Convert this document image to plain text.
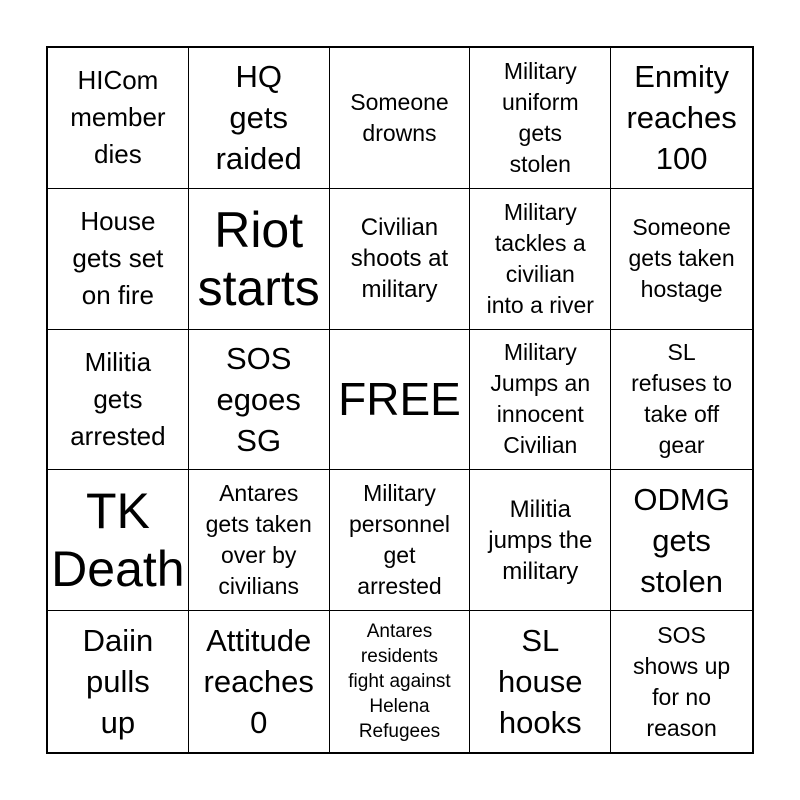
HICom
member
dies
HQ
gets
raided
Someone
drowns
Military
uniform
gets
stolen
Enmity
reaches
100
House
gets set
on fire
Riot
starts
Civilian
shoots at
military
Military
tackles a
civilian
into a river
Someone
gets taken
hostage
Militia
gets
arrested
SOS
egoes
SG
FREE
Military
Jumps an
innocent
Civilian
SL
refuses to
take off
gear
TK
Death
Antares
gets taken
over by
civilians
Military
personnel
get
arrested
Militia
jumps the
military
ODMG
gets
stolen
Daiin
pulls
up
Attitude
reaches
0
Antares
residents
fight against
Helena
Refugees
SL
house
hooks
SOS
shows up
for no
reason
